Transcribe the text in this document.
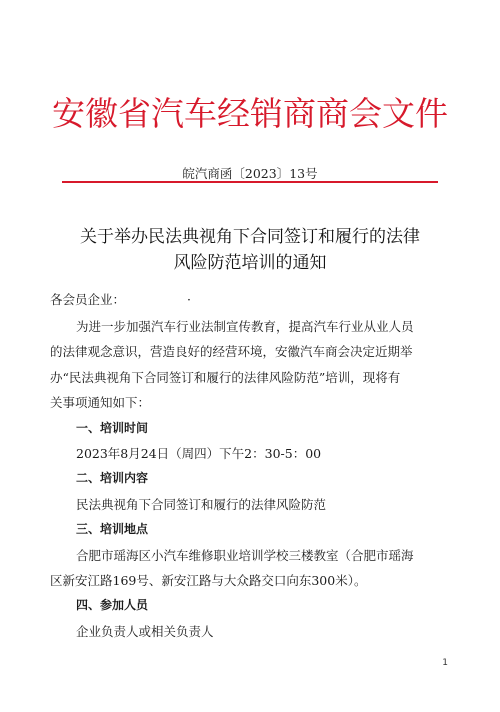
安徽省汽车经销商商会文件
皖汽商函〔2023〕13号
关于举办民法典视角下合同签订和履行的法律
风险防范培训的通知
各会员企业：	·
为进一步加强汽车行业法制宣传教育，提高汽车行业从业人员
的法律观念意识，营造良好的经营环境，安徽汽车商会决定近期举
办“民法典视角下合同签订和履行的法律风险防范”培训，现将有
关事项通知如下：
一、培训时间
2023年8月24日（周四）下午2：30-5：00
二、培训内容
民法典视角下合同签订和履行的法律风险防范
三、培训地点
合肥市瑶海区小汽车维修职业培训学校三楼教室（合肥市瑶海
区新安江路169号、新安江路与大众路交口向东300米）。
四、参加人员
企业负责人或相关负责人
1
